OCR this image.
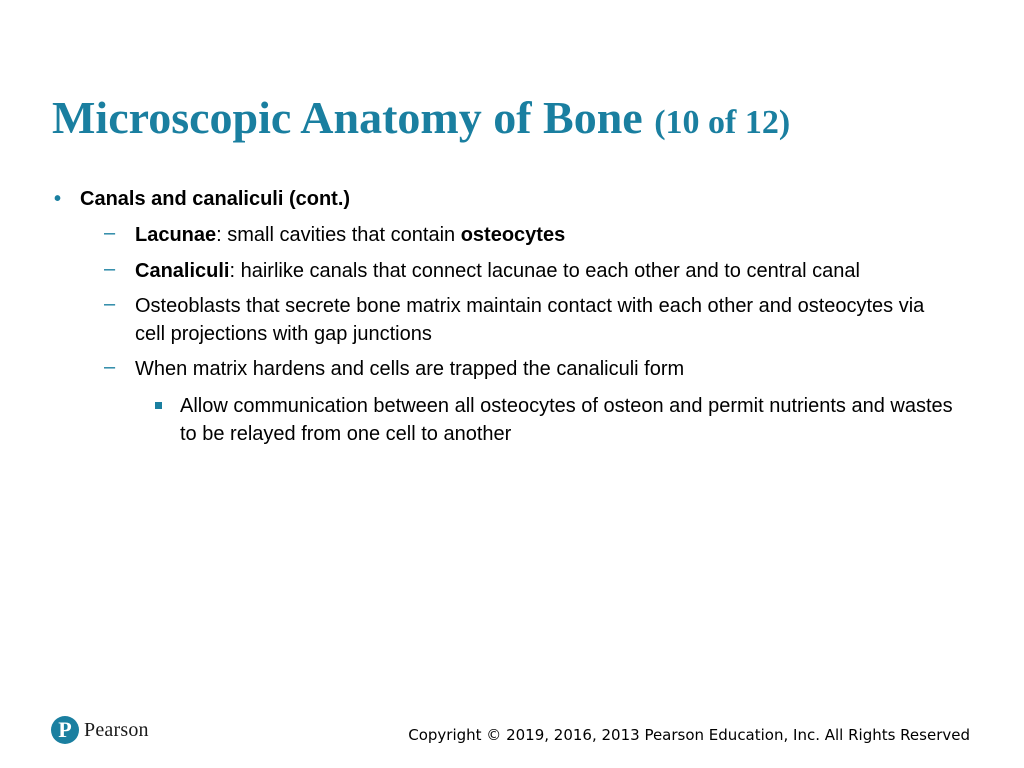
Microscopic Anatomy of Bone (10 of 12)
• Canals and canaliculi (cont.)
– Lacunae: small cavities that contain osteocytes
– Canaliculi: hairlike canals that connect lacunae to each other and to central canal
– Osteoblasts that secrete bone matrix maintain contact with each other and osteocytes via cell projections with gap junctions
– When matrix hardens and cells are trapped the canaliculi form
Allow communication between all osteocytes of osteon and permit nutrients and wastes to be relayed from one cell to another
P Pearson	Copyright © 2019, 2016, 2013 Pearson Education, Inc. All Rights Reserved
